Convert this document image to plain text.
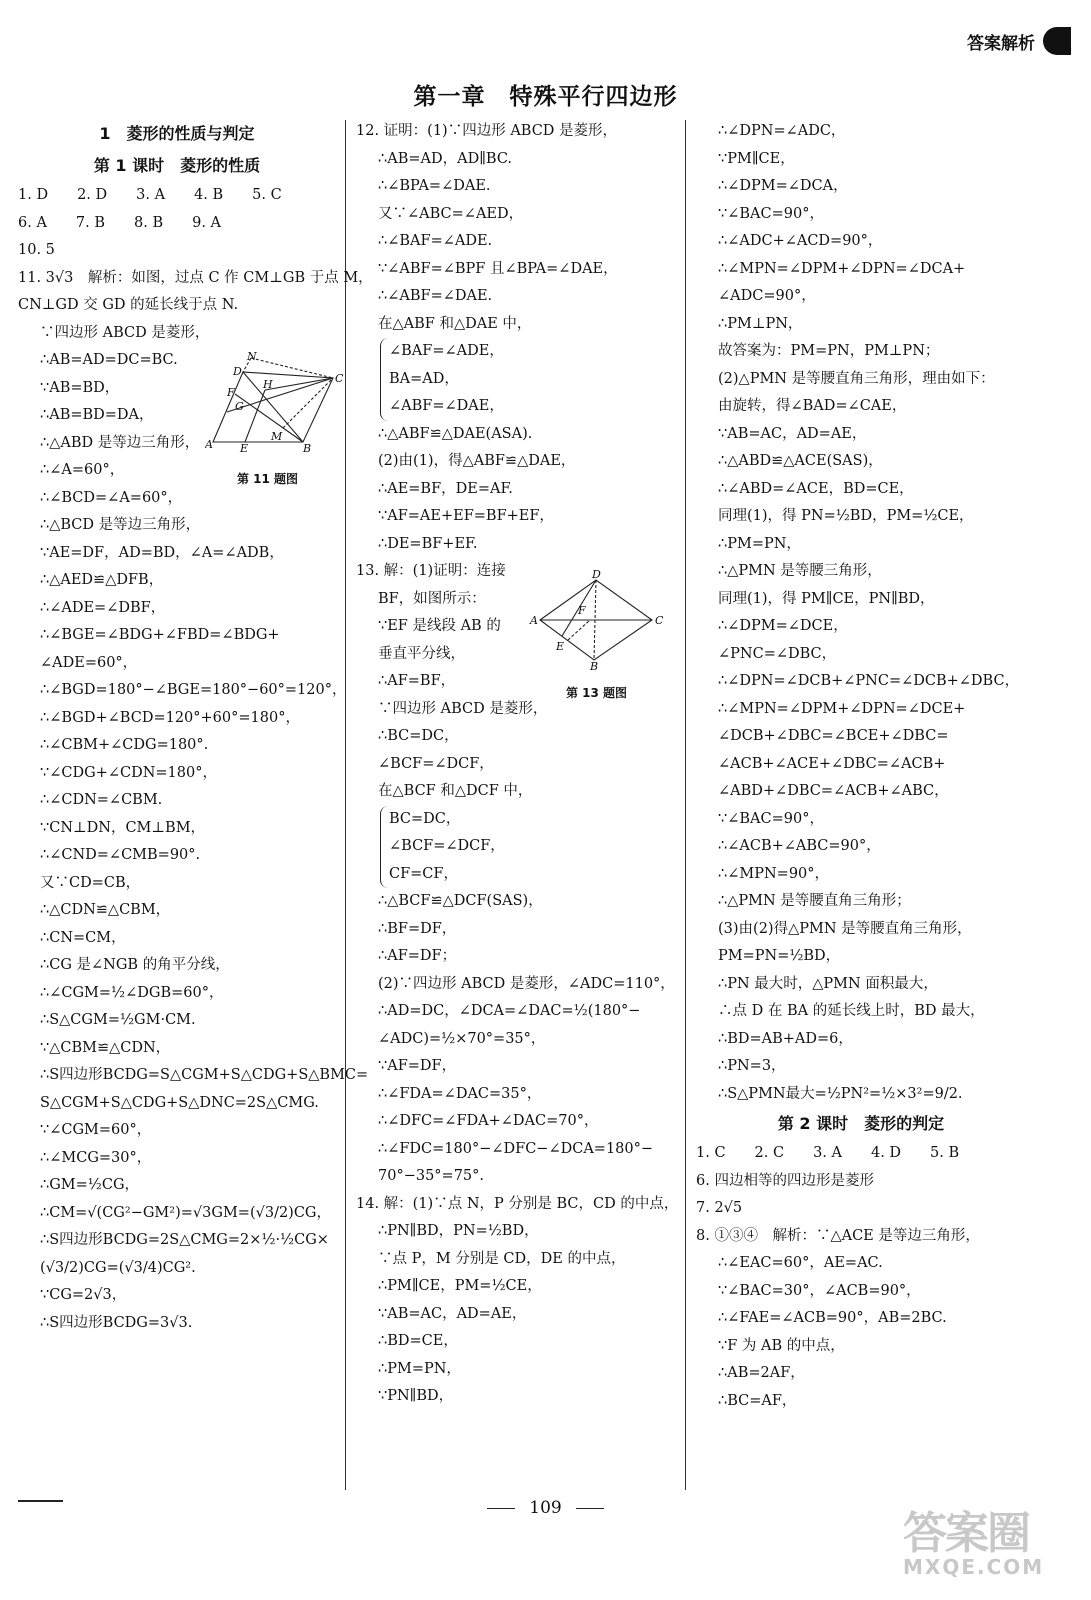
答案解析
第一章　特殊平行四边形
1　菱形的性质与判定
第 1 课时　菱形的性质
1. D　　2. D　　3. A　　4. B　　5. C
6. A　　7. B　　8. B　　9. A
10. 5
11. 3√3　解析：如图，过点 C 作 CM⊥GB 于点 M，
CN⊥GD 交 GD 的延长线于点 N.
∵四边形 ABCD 是菱形，
∴AB=AD=DC=BC.
∵AB=BD，
∴AB=BD=DA，
∴△ABD 是等边三角形，
∴∠A=60°，
∴∠BCD=∠A=60°，
∴△BCD 是等边三角形，
∵AE=DF，AD=BD，∠A=∠ADB，
∴△AED≌△DFB，
∴∠ADE=∠DBF，
∴∠BGE=∠BDG+∠FBD=∠BDG+
∠ADE=60°，
∴∠BGD=180°−∠BGE=180°−60°=120°，
∴∠BGD+∠BCD=120°+60°=180°，
∴∠CBM+∠CDG=180°.
∵∠CDG+∠CDN=180°，
∴∠CDN=∠CBM.
∵CN⊥DN，CM⊥BM，
∴∠CND=∠CMB=90°.
又∵CD=CB，
∴△CDN≌△CBM，
∴CN=CM，
∴CG 是∠NGB 的角平分线，
∴∠CGM=½∠DGB=60°，
∴S△CGM=½GM·CM.
∵△CBM≌△CDN，
∴S四边形BCDG=S△CGM+S△CDG+S△BMC=
S△CGM+S△CDG+S△DNC=2S△CMG.
∵∠CGM=60°，
∴∠MCG=30°，
∴GM=½CG，
∴CM=√(CG²−GM²)=√3GM=(√3/2)CG，
∴S四边形BCDG=2S△CMG=2×½·½CG×
(√3/2)CG=(√3/4)CG².
∵CG=2√3，
∴S四边形BCDG=3√3.
N
D
H	C
F
G
A E
M
B
第 11 题图
12. 证明：(1)∵四边形 ABCD 是菱形，
∴AB=AD，AD∥BC.
∴∠BPA=∠DAE.
又∵∠ABC=∠AED，
∴∠BAF=∠ADE.
∵∠ABF=∠BPF 且∠BPA=∠DAE，
∴∠ABF=∠DAE.
在△ABF 和△DAE 中，
∠BAF=∠ADE，
BA=AD，
∠ABF=∠DAE，
∴△ABF≌△DAE(ASA).
(2)由(1)，得△ABF≌△DAE，
∴AE=BF，DE=AF.
∵AF=AE+EF=BF+EF，
∴DE=BF+EF.
13. 解：(1)证明：连接
BF，如图所示：
∵EF 是线段 AB 的
垂直平分线，
∴AF=BF，
∵四边形 ABCD 是菱形，
∴BC=DC，
∠BCF=∠DCF，
在△BCF 和△DCF 中，
BC=DC，
∠BCF=∠DCF，
CF=CF，
∴△BCF≌△DCF(SAS)，
∴BF=DF，
∴AF=DF；
(2)∵四边形 ABCD 是菱形，∠ADC=110°，
∴AD=DC，∠DCA=∠DAC=½(180°−
∠ADC)=½×70°=35°，
∵AF=DF，
∴∠FDA=∠DAC=35°，
∴∠DFC=∠FDA+∠DAC=70°，
∴∠FDC=180°−∠DFC−∠DCA=180°−
70°−35°=75°.
14. 解：(1)∵点 N，P 分别是 BC，CD 的中点，
∴PN∥BD，PN=½BD，
∵点 P，M 分别是 CD，DE 的中点，
∴PM∥CE，PM=½CE，
∵AB=AC，AD=AE，
∴BD=CE，
∴PM=PN，
∵PN∥BD，
D
F
A	C
E
B
第 13 题图
∴∠DPN=∠ADC，
∵PM∥CE，
∴∠DPM=∠DCA，
∵∠BAC=90°，
∴∠ADC+∠ACD=90°，
∴∠MPN=∠DPM+∠DPN=∠DCA+
∠ADC=90°，
∴PM⊥PN，
故答案为：PM=PN，PM⊥PN；
(2)△PMN 是等腰直角三角形，理由如下：
由旋转，得∠BAD=∠CAE，
∵AB=AC，AD=AE，
∴△ABD≌△ACE(SAS)，
∴∠ABD=∠ACE，BD=CE，
同理(1)，得 PN=½BD，PM=½CE，
∴PM=PN，
∴△PMN 是等腰三角形，
同理(1)，得 PM∥CE，PN∥BD，
∴∠DPM=∠DCE，
∠PNC=∠DBC，
∴∠DPN=∠DCB+∠PNC=∠DCB+∠DBC，
∴∠MPN=∠DPM+∠DPN=∠DCE+
∠DCB+∠DBC=∠BCE+∠DBC=
∠ACB+∠ACE+∠DBC=∠ACB+
∠ABD+∠DBC=∠ACB+∠ABC，
∵∠BAC=90°，
∴∠ACB+∠ABC=90°，
∴∠MPN=90°，
∴△PMN 是等腰直角三角形；
(3)由(2)得△PMN 是等腰直角三角形，
PM=PN=½BD，
∴PN 最大时，△PMN 面积最大，
∴点 D 在 BA 的延长线上时，BD 最大，
∴BD=AB+AD=6，
∴PN=3，
∴S△PMN最大=½PN²=½×3²=9/2.
第 2 课时　菱形的判定
1. C　　2. C　　3. A　　4. D　　5. B
6. 四边相等的四边形是菱形
7. 2√5
8. ①③④　解析：∵△ACE 是等边三角形，
∴∠EAC=60°，AE=AC.
∵∠BAC=30°，∠ACB=90°，
∴∠FAE=∠ACB=90°，AB=2BC.
∵F 为 AB 的中点，
∴AB=2AF，
∴BC=AF，
109	答案圈
MXQE.COM
